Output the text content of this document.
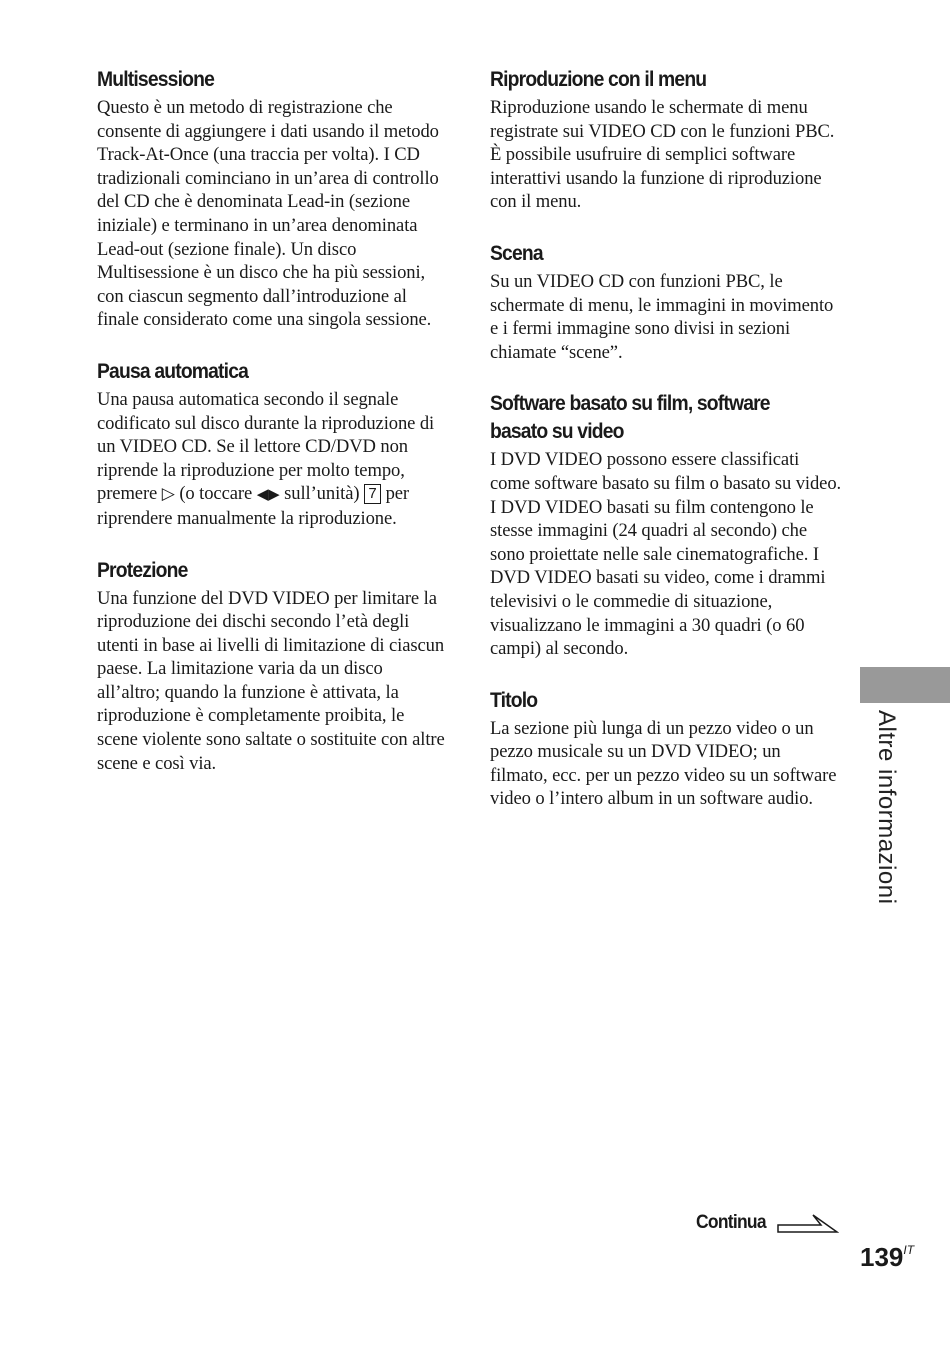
Multisessione

Questo è un metodo di registrazione che consente di aggiungere i dati usando il metodo Track-At-Once (una traccia per volta). I CD tradizionali cominciano in un’area di controllo del CD che è denominata Lead-in (sezione iniziale) e terminano in un’area denominata Lead-out (sezione finale). Un disco Multisessione è un disco che ha più sessioni, con ciascun segmento dall’introduzione al finale considerato come una singola sessione.

Pausa automatica

Una pausa automatica secondo il segnale codificato sul disco durante la riproduzione di un VIDEO CD. Se il lettore CD/DVD non riprende la riproduzione per molto tempo, premere ▷ (o toccare ◀▶ sull’unità) 7 per riprendere manualmente la riproduzione.

Protezione

Una funzione del DVD VIDEO per limitare la riproduzione dei dischi secondo l’età degli utenti in base ai livelli di limitazione di ciascun paese. La limitazione varia da un disco all’altro; quando la funzione è attivata, la riproduzione è completamente proibita, le scene violente sono saltate o sostituite con altre scene e così via.

Riproduzione con il menu

Riproduzione usando le schermate di menu registrate sui VIDEO CD con le funzioni PBC. È possibile usufruire di semplici software interattivi usando la funzione di riproduzione con il menu.

Scena

Su un VIDEO CD con funzioni PBC, le schermate di menu, le immagini in movimento e i fermi immagine sono divisi in sezioni chiamate “scene”.

Software basato su film, software basato su video

I DVD VIDEO possono essere classificati come software basato su film o basato su video. I DVD VIDEO basati su film contengono le stesse immagini (24 quadri al secondo) che sono proiettate nelle sale cinematografiche. I DVD VIDEO basati su video, come i drammi televisivi o le commedie di situazione, visualizzano le immagini a 30 quadri (o 60 campi) al secondo.

Titolo

La sezione più lunga di un pezzo video o un pezzo musicale su un DVD VIDEO; un filmato, ecc. per un pezzo video su un software video o l’intero album in un software audio.	Altre informazioni
Continua
$139^{IT}$
